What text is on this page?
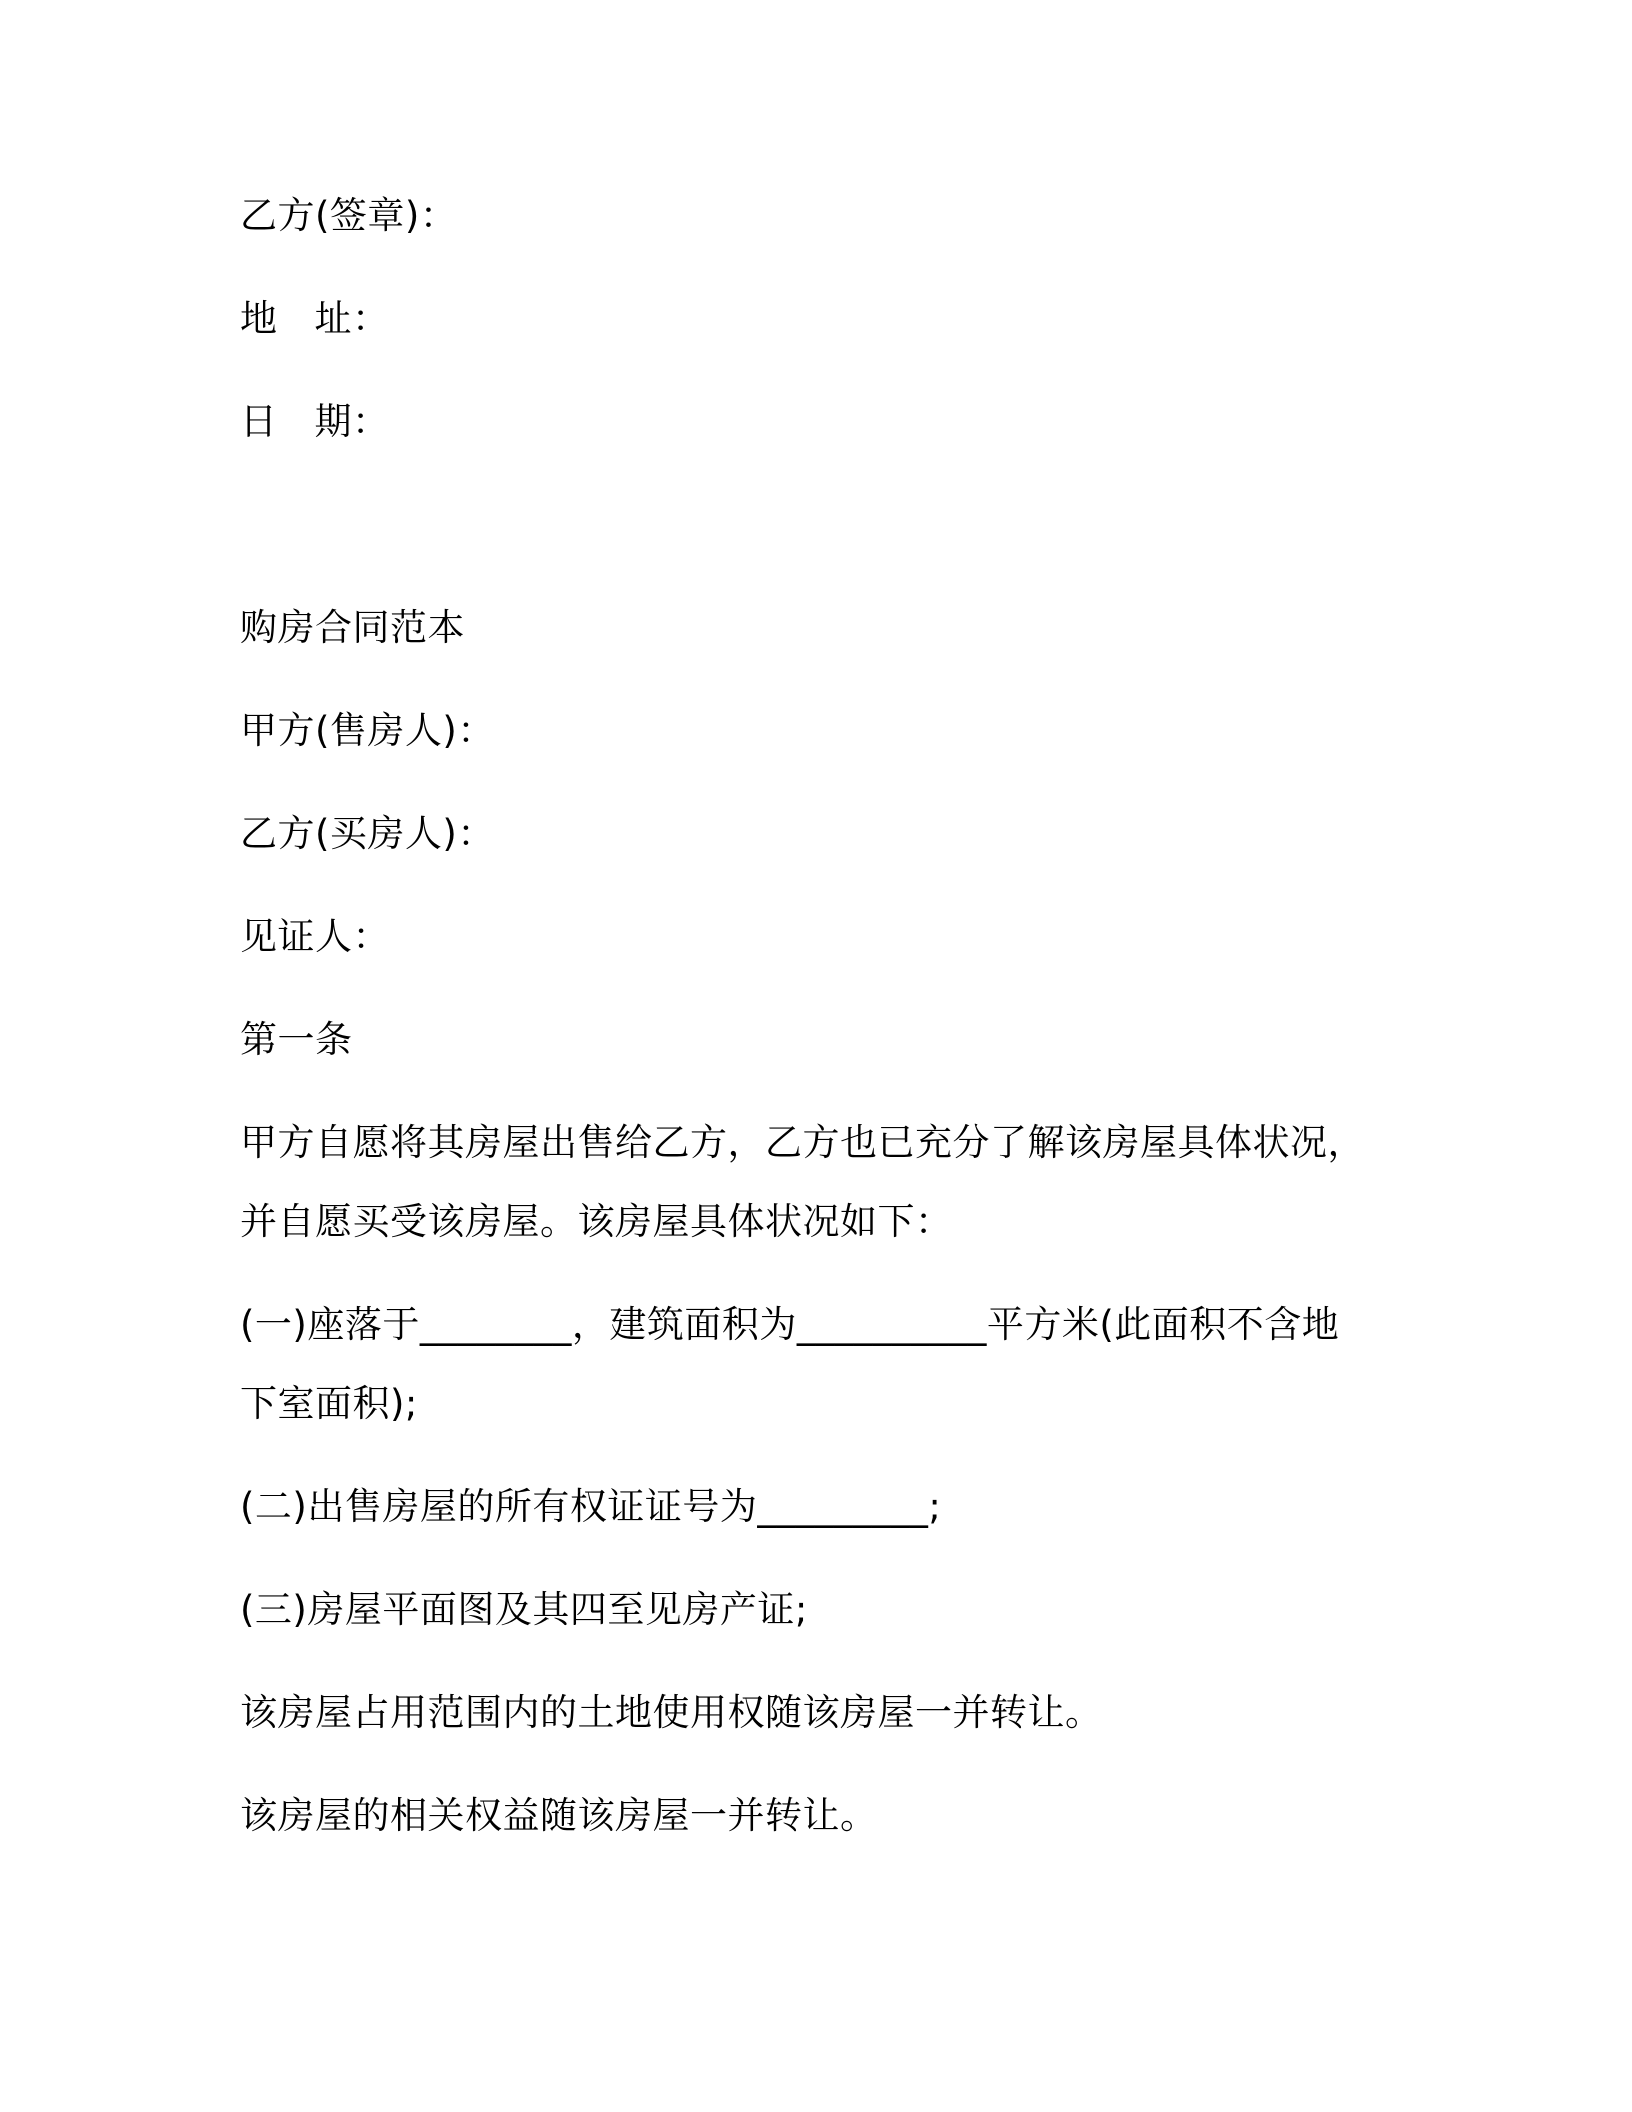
乙方(签章)：

地 址：

日 期：

购房合同范本

甲方(售房人)：

乙方(买房人)：

见证人：

第一条

甲方自愿将其房屋出售给乙方，乙方也已充分了解该房屋具体状况，

并自愿买受该房屋。该房屋具体状况如下：

(一)座落于________，建筑面积为__________平方米(此面积不含地

下室面积);

(二)出售房屋的所有权证证号为_________;

(三)房屋平面图及其四至见房产证;

该房屋占用范围内的土地使用权随该房屋一并转让。

该房屋的相关权益随该房屋一并转让。
